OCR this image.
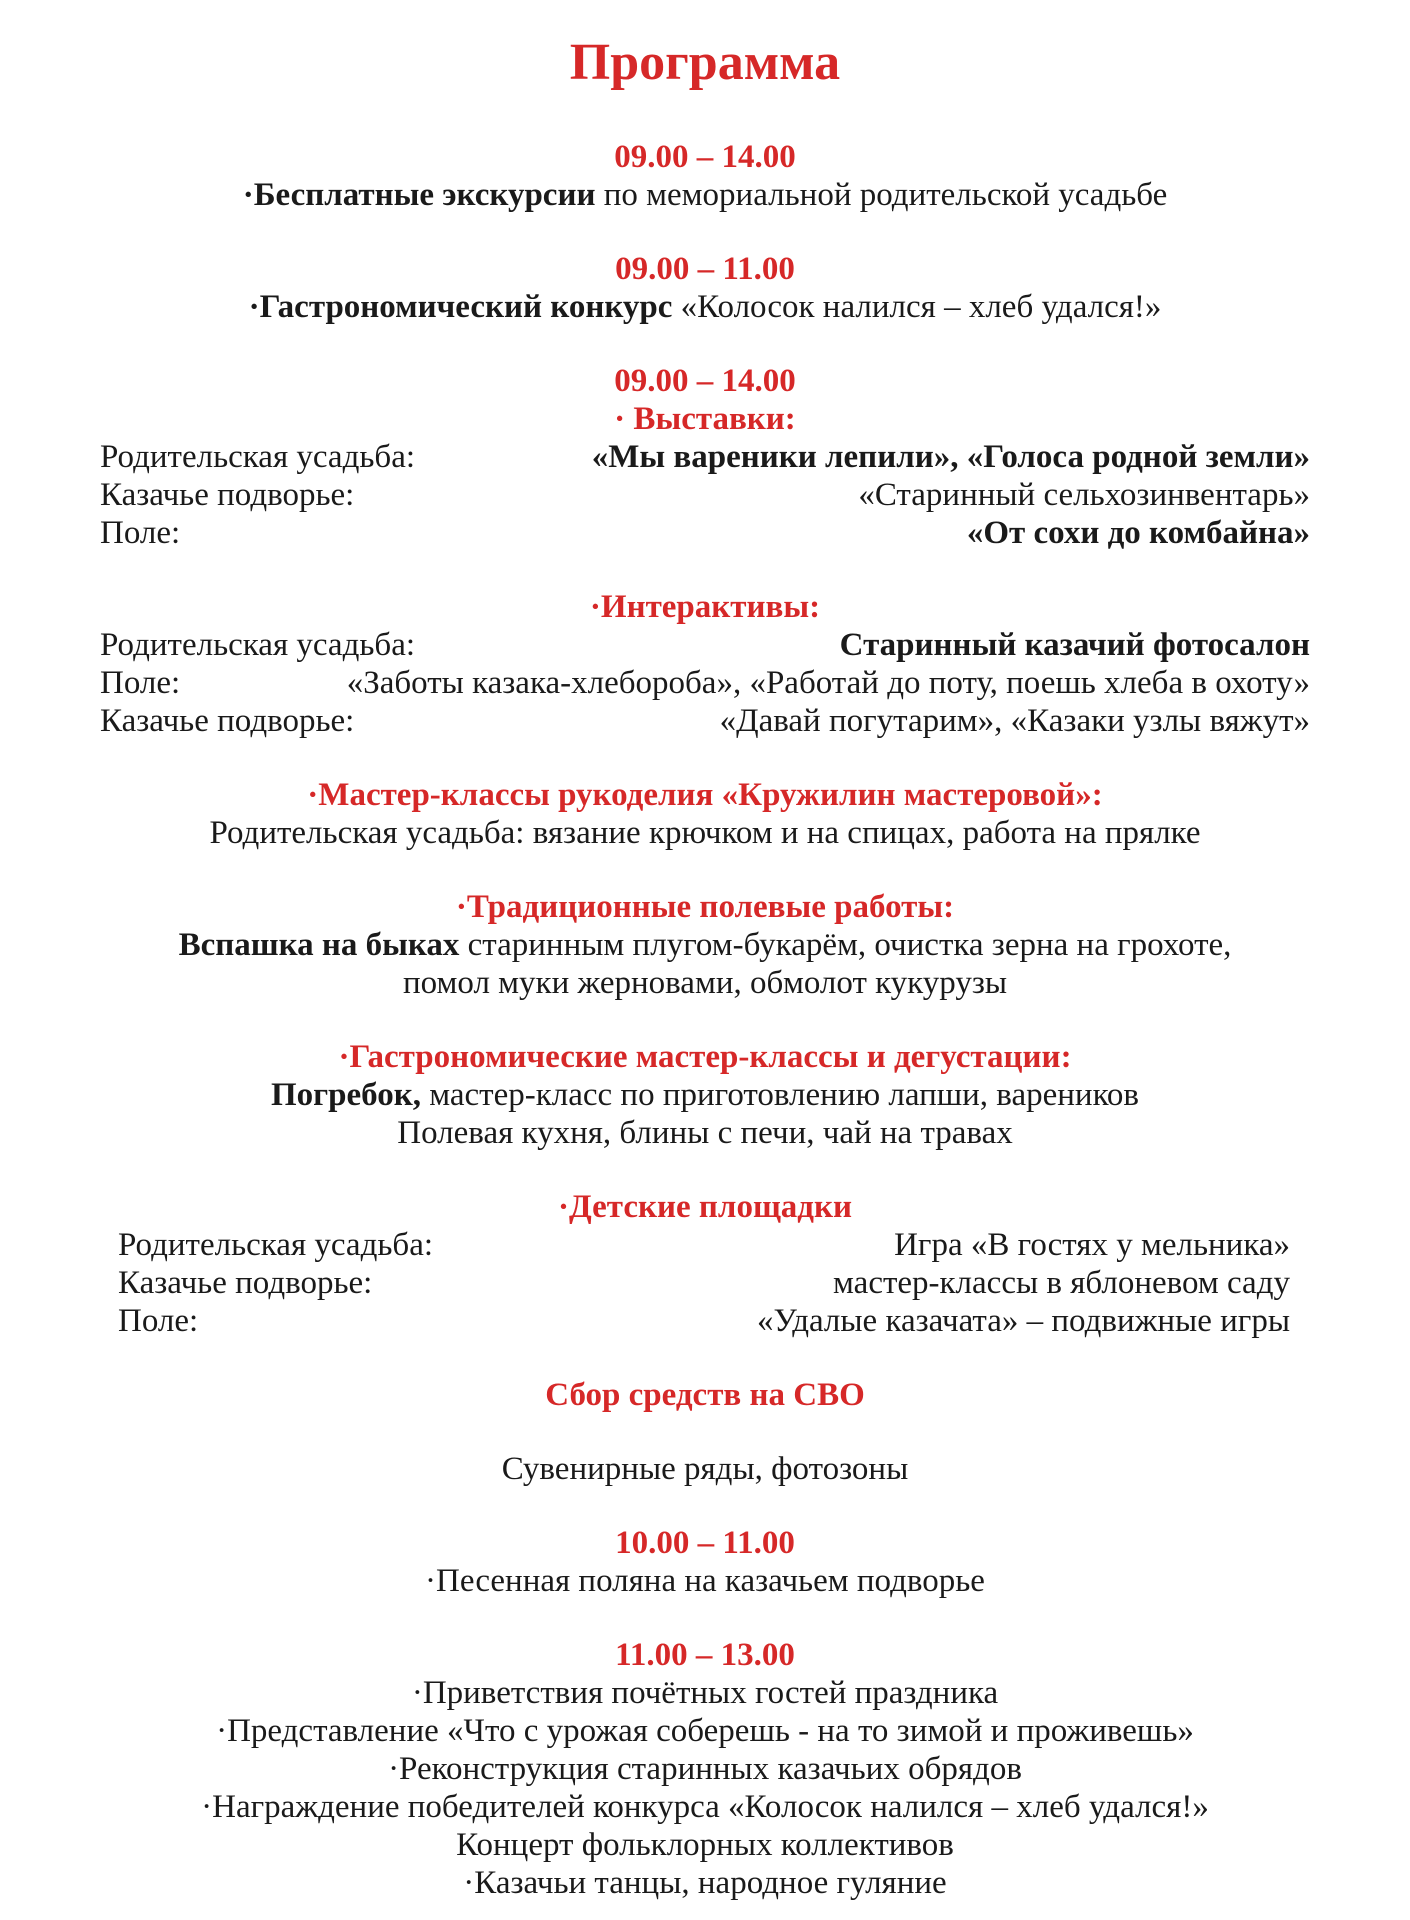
Программа
09.00 – 14.00
·Бесплатные экскурсии по мемориальной родительской усадьбе
09.00 – 11.00
·Гастрономический конкурс «Колосок налился – хлеб удался!»
09.00 – 14.00
· Выставки:
Родительская усадьба:	«Мы вареники лепили», «Голоса родной земли»
Казачье подворье:	«Старинный сельхозинвентарь»
Поле:	«От сохи до комбайна»
·Интерактивы:
Родительская усадьба:	Старинный казачий фотосалон
Поле:	«Заботы казака-хлебороба», «Работай до поту, поешь хлеба в охоту»
Казачье подворье:	«Давай погутарим», «Казаки узлы вяжут»
·Мастер-классы рукоделия «Кружилин мастеровой»:
Родительская усадьба: вязание крючком и на спицах, работа на прялке
·Традиционные полевые работы:
Вспашка на быках старинным плугом-букарём, очистка зерна на грохоте,
помол муки жерновами, обмолот кукурузы
·Гастрономические мастер-классы и дегустации:
Погребок, мастер-класс по приготовлению лапши, вареников
Полевая кухня, блины с печи, чай на травах
·Детские площадки
Родительская усадьба:	Игра «В гостях у мельника»
Казачье подворье:	мастер-классы в яблоневом саду
Поле:	«Удалые казачата» – подвижные игры
Сбор средств на СВО
Сувенирные ряды, фотозоны
10.00 – 11.00
·Песенная поляна на казачьем подворье
11.00 – 13.00
·Приветствия почётных гостей праздника
·Представление «Что с урожая соберешь - на то зимой и проживешь»
·Реконструкция старинных казачьих обрядов
·Награждение победителей конкурса «Колосок налился – хлеб удался!»
Концерт фольклорных коллективов
·Казачьи танцы, народное гуляние
